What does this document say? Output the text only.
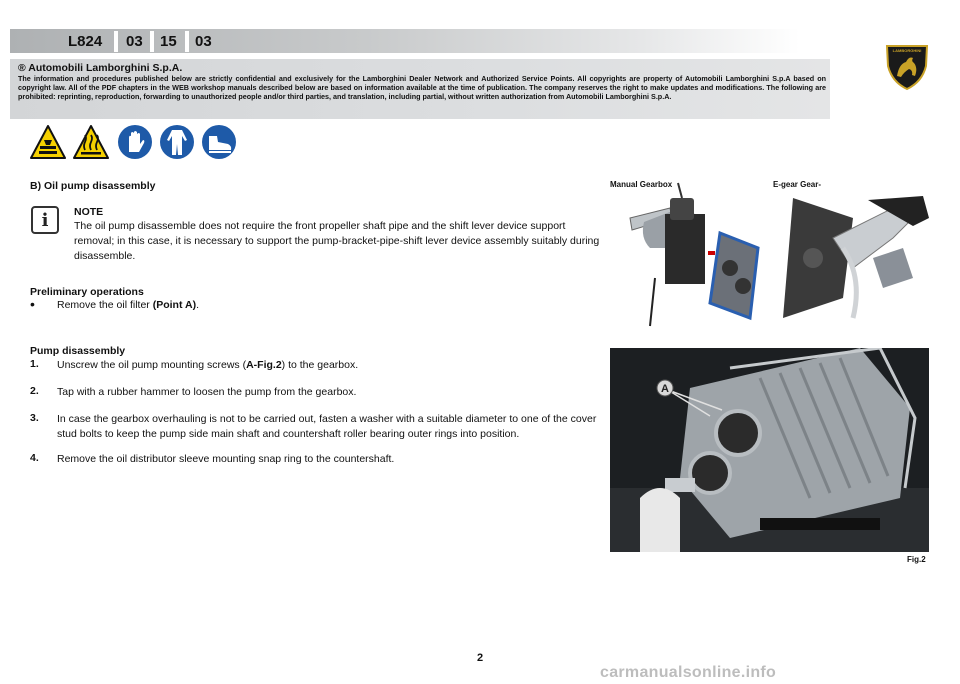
L824 03 15 03
LAMBORGHINI
® Automobili Lamborghini S.p.A.
The information and procedures published below are strictly confidential and exclusively for the Lamborghini Dealer Network and Authorized Service Points. All copyrights are property of Automobili Lamborghini S.p.A based on copyright law. All of the PDF chapters in the WEB workshop manuals described below are based on information available at the time of publication. The company reserves the right to make updates and modifications. The following are prohibited: reprinting, reproduction, forwarding to unauthorized people and/or third parties, and translation, including partial, without written authorization from Automobili Lamborghini S.p.A.
B) Oil pump disassembly
i	NOTE
The oil pump disassemble does not require the front propeller shaft pipe and the shift lever device support removal; in this case, it is necessary to support the pump-bracket-pipe-shift lever device assembly suitably during disassemble.
Preliminary operations
• Remove the oil filter (Point A).
Pump disassembly
1. Unscrew the oil pump mounting screws (A-Fig.2) to the gearbox.
2. Tap with a rubber hammer to loosen the pump from the gearbox.
3. In case the gearbox overhauling is not to be carried out, fasten a washer with a suitable diameter to one of the cover stud bolts to keep the pump side main shaft and countershaft roller bearing outer rings into position.
4. Remove the oil distributor sleeve mounting snap ring to the countershaft.
Manual Gearbox	E-gear Gear-
A
Fig.2
2
carmanualsonline.info
